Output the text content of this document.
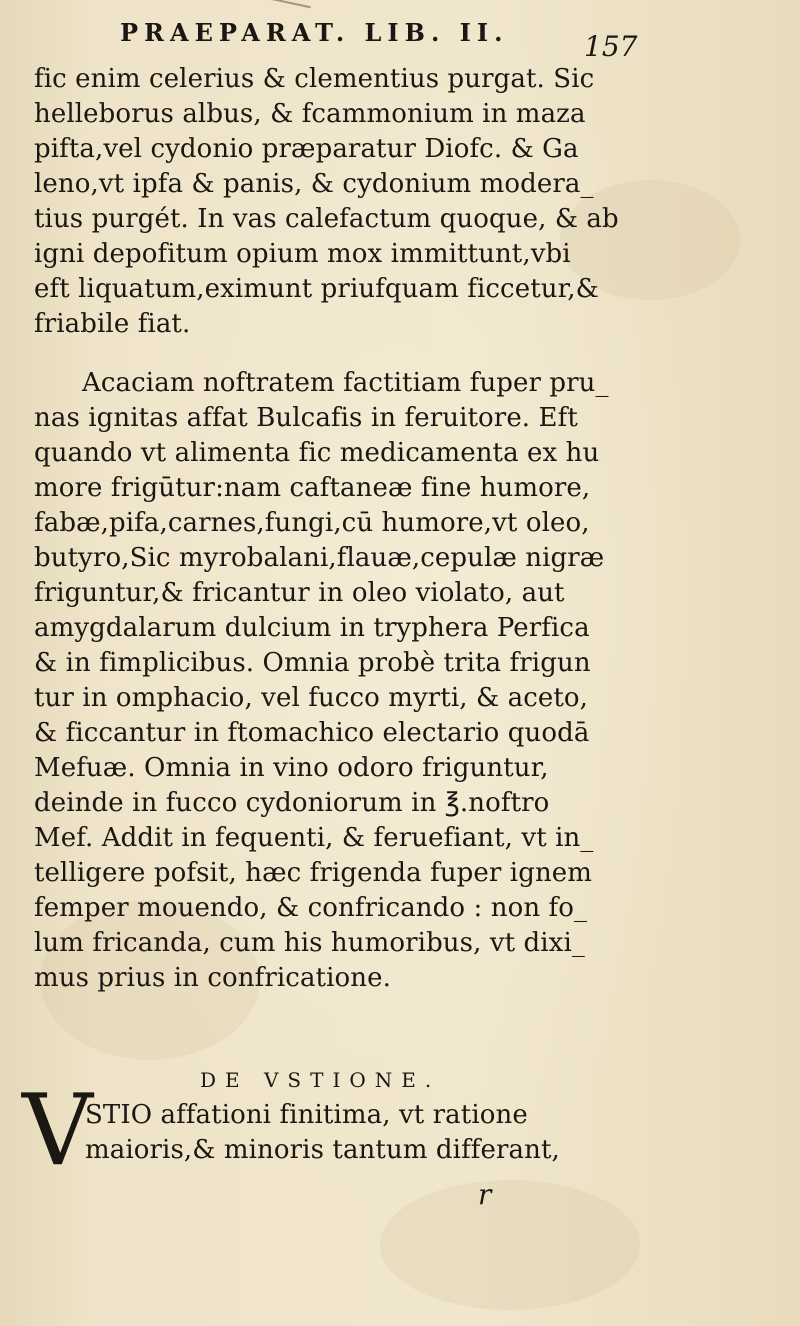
PRAEPARAT. LIB. II.	157
fic enim celerius & clementius purgat. Sic
helleborus albus, & fcammonium in maza
pifta,vel cydonio præparatur Diofc. & Ga
leno,vt ipfa & panis, & cydonium modera_
tius purgét. In vas calefactum quoque, & ab
igni depofitum opium mox immittunt,vbi
eft liquatum,eximunt priufquam ficcetur,&
friabile fiat.
Acaciam noftratem factitiam fuper pru_
nas ignitas affat Bulcafis in feruitore. Eft
quando vt alimenta fic medicamenta ex hu
more frigūtur:nam caftaneæ fine humore,
fabæ,pifa,carnes,fungi,cū humore,vt oleo,
butyro,Sic myrobalani,flauæ,cepulæ nigræ
friguntur,& fricantur in oleo violato, aut
amygdalarum dulcium in tryphera Perfica
& in fimplicibus. Omnia probè trita frigun
tur in omphacio, vel fucco myrti, & aceto,
& ficcantur in ftomachico electario quodā
Mefuæ. Omnia in vino odoro friguntur,
deinde in fucco cydoniorum in ℥.noftro
Mef. Addit in fequenti, & feruefiant, vt in_
telligere pofsit, hæc frigenda fuper ignem
femper mouendo, & confricando : non fo_
lum fricanda, cum his humoribus, vt dixi_
mus prius in confricatione.
DE VSTIONE.
V
STIO affationi finitima, vt ratione
maioris,& minoris tantum differant,
r
